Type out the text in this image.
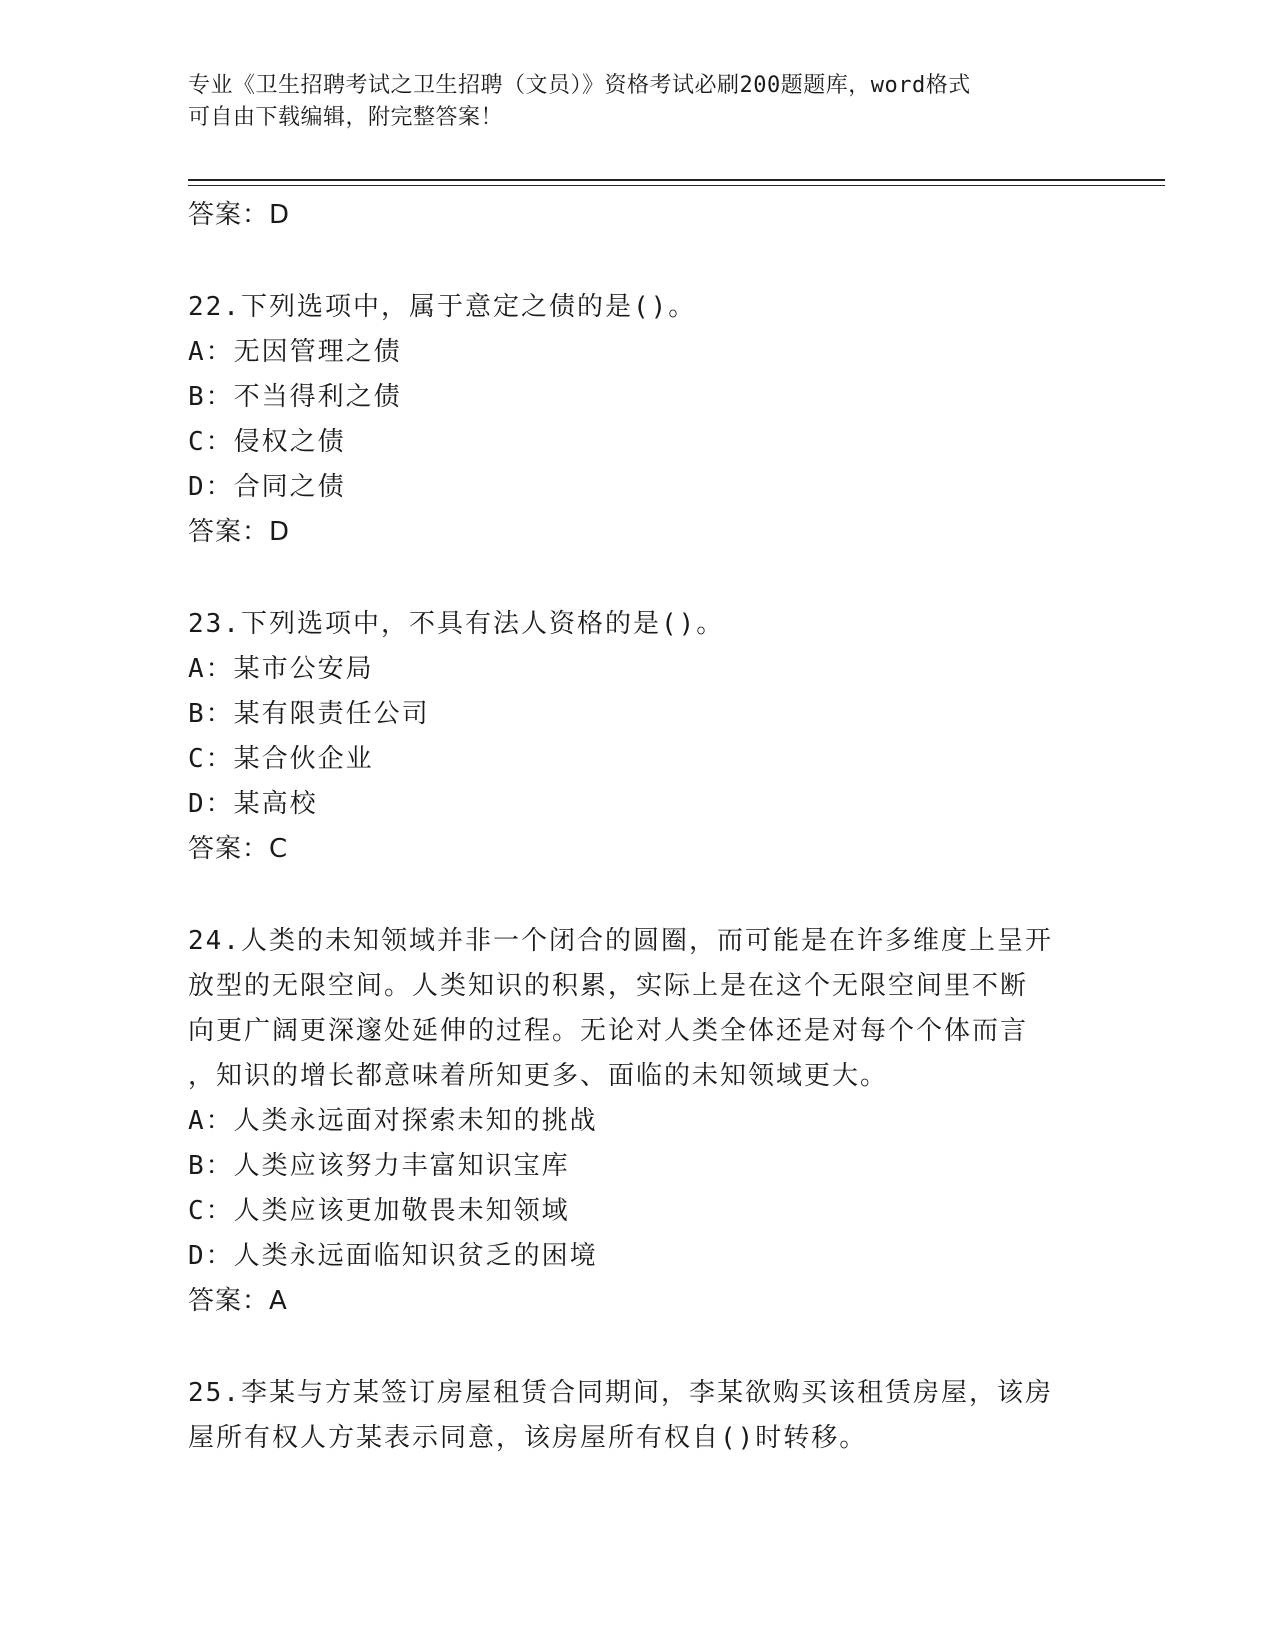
专业《卫生招聘考试之卫生招聘（文员）》资格考试必刷200题题库，word格式
可自由下载编辑，附完整答案！
答案：D
22.下列选项中，属于意定之债的是()。
A：无因管理之债
B：不当得利之债
C：侵权之债
D：合同之债
答案：D
23.下列选项中，不具有法人资格的是()。
A：某市公安局
B：某有限责任公司
C：某合伙企业
D：某高校
答案：C
24.人类的未知领域并非一个闭合的圆圈，而可能是在许多维度上呈开
放型的无限空间。人类知识的积累，实际上是在这个无限空间里不断
向更广阔更深邃处延伸的过程。无论对人类全体还是对每个个体而言
，知识的增长都意味着所知更多、面临的未知领域更大。
A：人类永远面对探索未知的挑战
B：人类应该努力丰富知识宝库
C：人类应该更加敬畏未知领域
D：人类永远面临知识贫乏的困境
答案：A
25.李某与方某签订房屋租赁合同期间，李某欲购买该租赁房屋，该房
屋所有权人方某表示同意，该房屋所有权自()时转移。
